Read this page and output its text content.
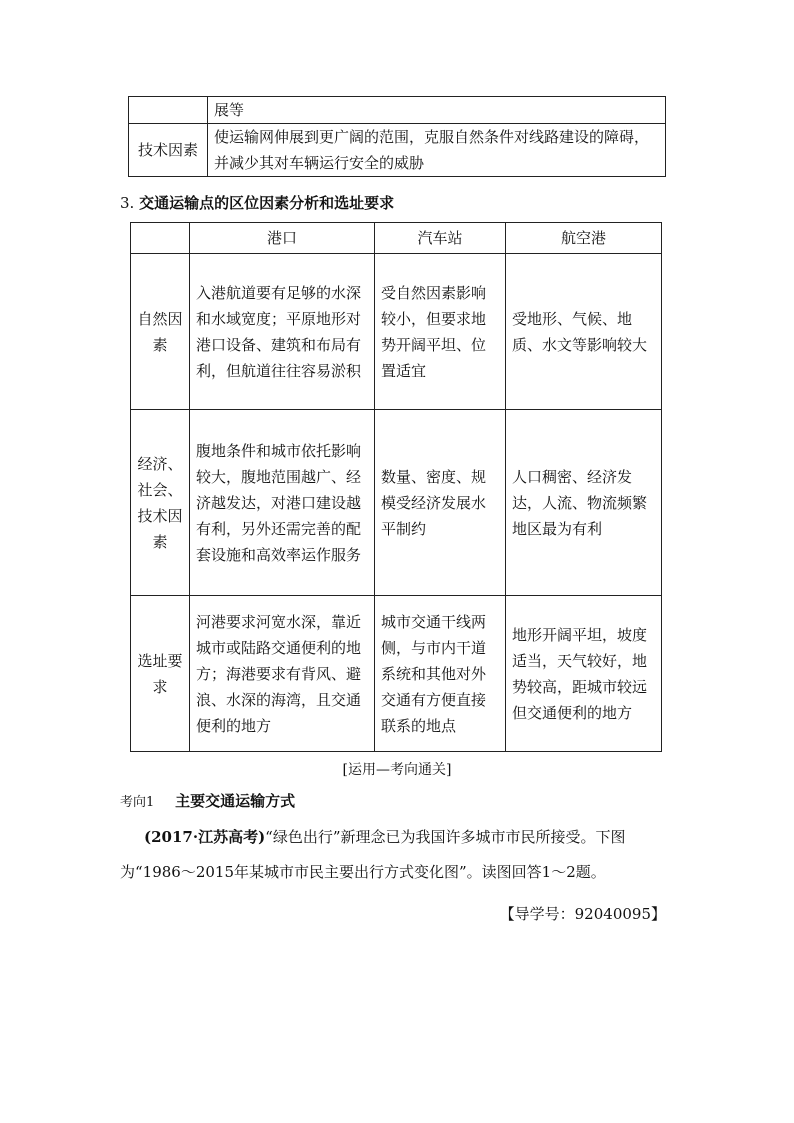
	展等
技术因素	使运输网伸展到更广阔的范围，克服自然条件对线路建设的障碍，并减少其对车辆运行安全的威胁
3. 交通运输点的区位因素分析和选址要求
	港口	汽车站	航空港
自然因素	入港航道要有足够的水深和水域宽度；平原地形对港口设备、建筑和布局有利，但航道往往容易淤积	受自然因素影响较小，但要求地势开阔平坦、位置适宜	受地形、气候、地质、水文等影响较大
经济、社会、技术因素	腹地条件和城市依托影响较大，腹地范围越广、经济越发达，对港口建设越有利，另外还需完善的配套设施和高效率运作服务	数量、密度、规模受经济发展水平制约	人口稠密、经济发达，人流、物流频繁地区最为有利
选址要求	河港要求河宽水深，靠近城市或陆路交通便利的地方；海港要求有背风、避浪、水深的海湾，且交通便利的地方	城市交通干线两侧，与市内干道系统和其他对外交通有方便直接联系的地点	地形开阔平坦，坡度适当，天气较好，地势较高，距城市较远但交通便利的地方
[运用—考向通关]
考向1 主要交通运输方式
(2017·江苏高考)“绿色出行”新理念已为我国许多城市市民所接受。下图为“1986～2015年某城市市民主要出行方式变化图”。读图回答1～2题。
【导学号：92040095】
